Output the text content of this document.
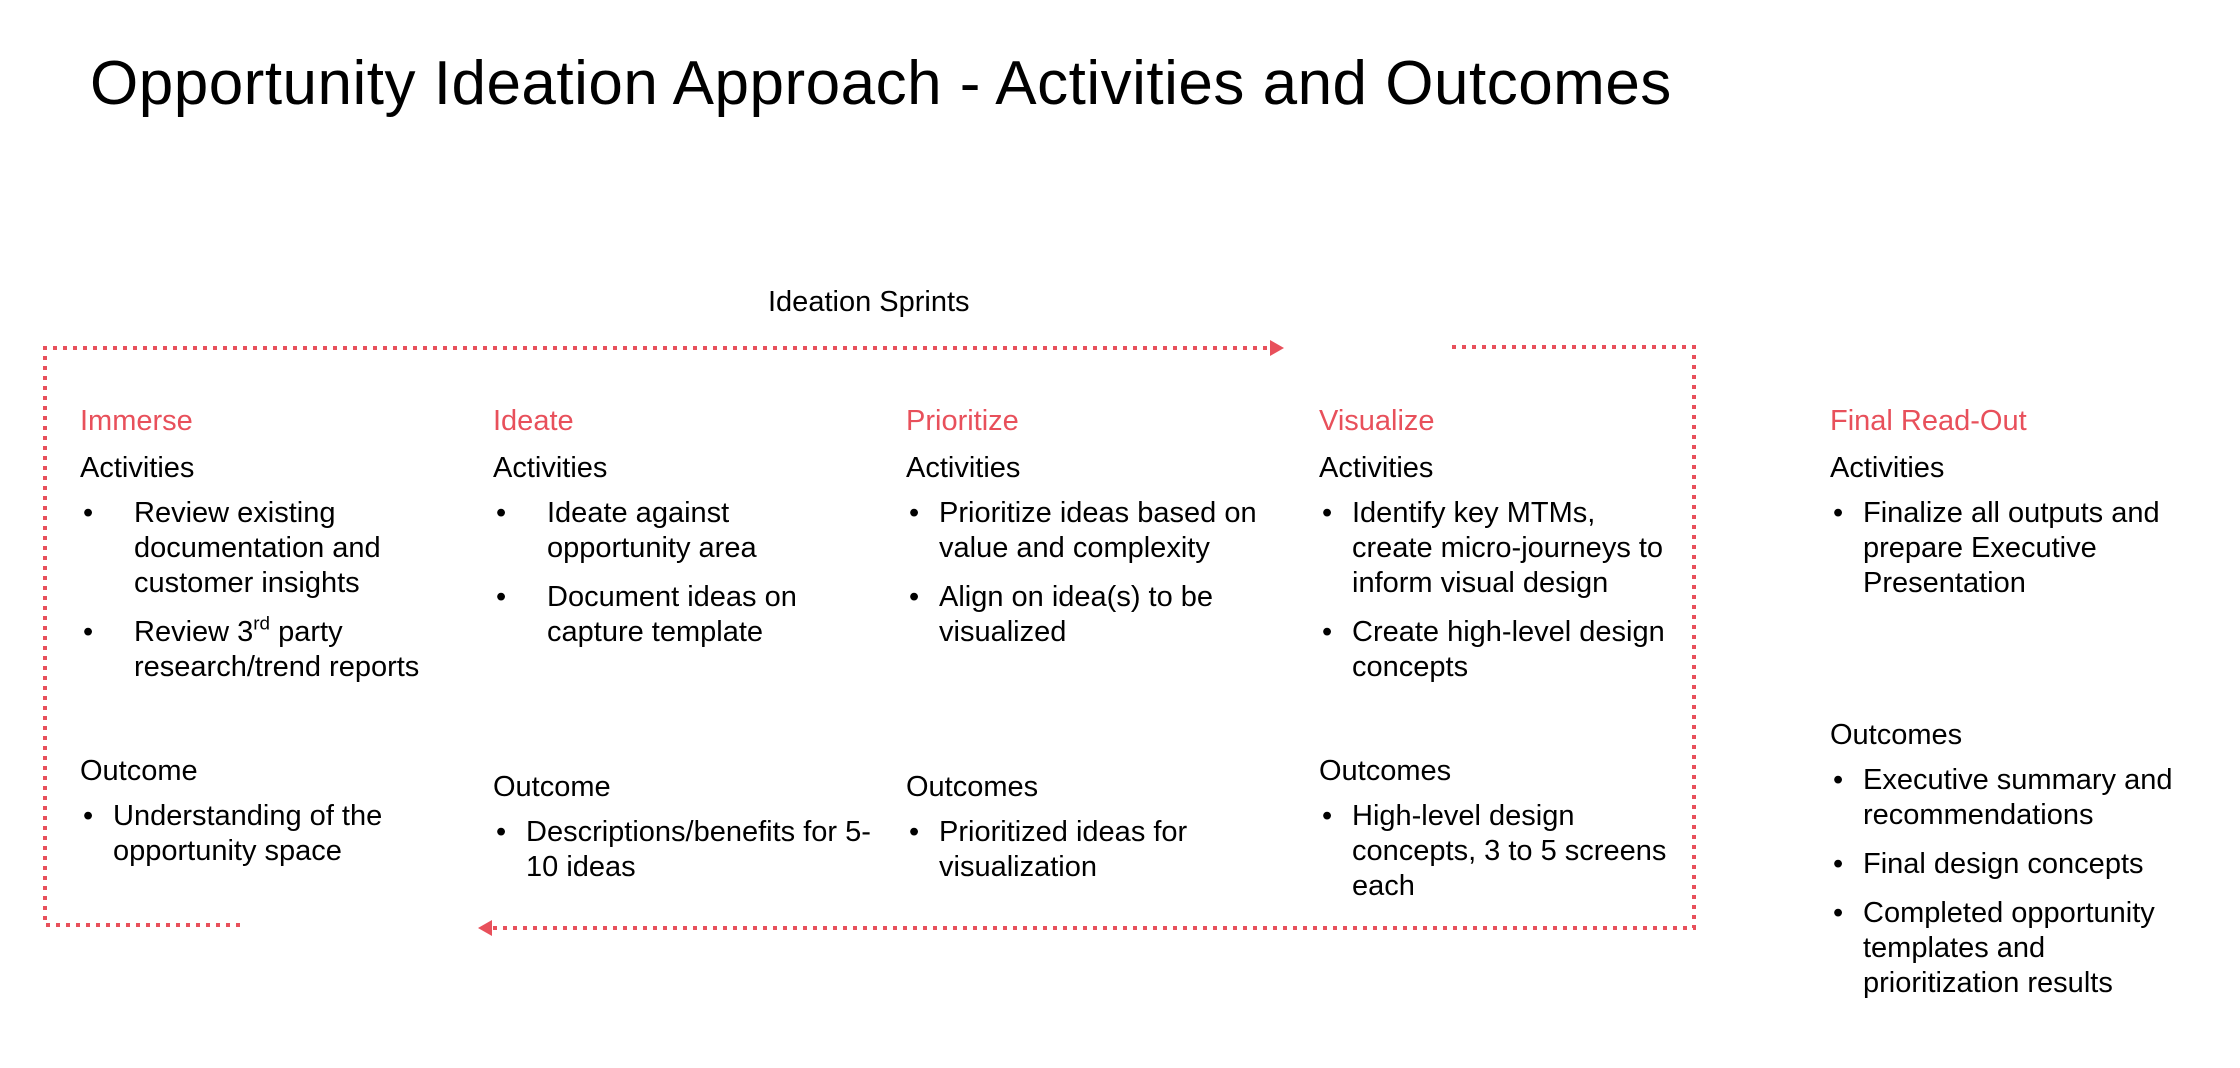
Opportunity Ideation Approach - Activities and Outcomes
Ideation Sprints
Immerse
Activities
• Review existing documentation and customer insights
• Review 3rd party research/trend reports
Outcome
• Understanding of the opportunity space
Ideate
Activities
• Ideate against opportunity area
• Document ideas on capture template
Outcome
• Descriptions/benefits for 5-10 ideas
Prioritize
Activities
• Prioritize ideas based on value and complexity
• Align on idea(s) to be visualized
Outcomes
• Prioritized ideas for visualization
Visualize
Activities
• Identify key MTMs, create micro-journeys to inform visual design
• Create high-level design concepts
Outcomes
• High-level design concepts, 3 to 5 screens each
Final Read-Out
Activities
• Finalize all outputs and prepare Executive Presentation
Outcomes
• Executive summary and recommendations
• Final design concepts
• Completed opportunity templates and prioritization results
